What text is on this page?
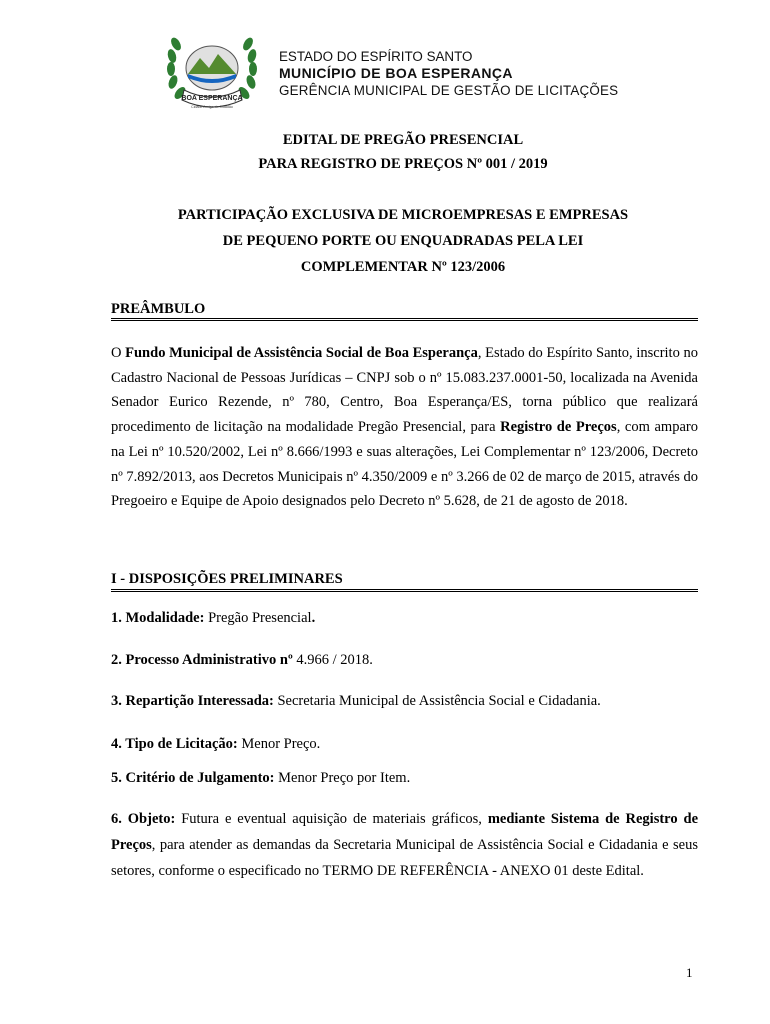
BOA ESPERANÇA
Cidade Amiga do Cidadão
ESTADO DO ESPÍRITO SANTO
MUNICÍPIO DE BOA ESPERANÇA
GERÊNCIA MUNICIPAL DE GESTÃO DE LICITAÇÕES
EDITAL DE PREGÃO PRESENCIAL
PARA REGISTRO DE PREÇOS Nº 001 / 2019
PARTICIPAÇÃO EXCLUSIVA DE MICROEMPRESAS E EMPRESAS
DE PEQUENO PORTE OU ENQUADRADAS PELA LEI
COMPLEMENTAR Nº 123/2006
PREÂMBULO
O Fundo Municipal de Assistência Social de Boa Esperança, Estado do Espírito Santo, inscrito no Cadastro Nacional de Pessoas Jurídicas – CNPJ sob o nº 15.083.237.0001-50, localizada na Avenida Senador Eurico Rezende, nº 780, Centro, Boa Esperança/ES, torna público que realizará procedimento de licitação na modalidade Pregão Presencial, para Registro de Preços, com amparo na Lei nº 10.520/2002, Lei nº 8.666/1993 e suas alterações, Lei Complementar nº 123/2006, Decreto nº 7.892/2013, aos Decretos Municipais nº 4.350/2009 e nº 3.266 de 02 de março de 2015, através do Pregoeiro e Equipe de Apoio designados pelo Decreto nº 5.628, de 21 de agosto de 2018.
I - DISPOSIÇÕES PRELIMINARES
1. Modalidade: Pregão Presencial.
2. Processo Administrativo nº 4.966 / 2018.
3. Repartição Interessada: Secretaria Municipal de Assistência Social e Cidadania.
4. Tipo de Licitação: Menor Preço.
5. Critério de Julgamento: Menor Preço por Item.
6. Objeto: Futura e eventual aquisição de materiais gráficos, mediante Sistema de Registro de Preços, para atender as demandas da Secretaria Municipal de Assistência Social e Cidadania e seus setores, conforme o especificado no TERMO DE REFERÊNCIA - ANEXO 01 deste Edital.
1
